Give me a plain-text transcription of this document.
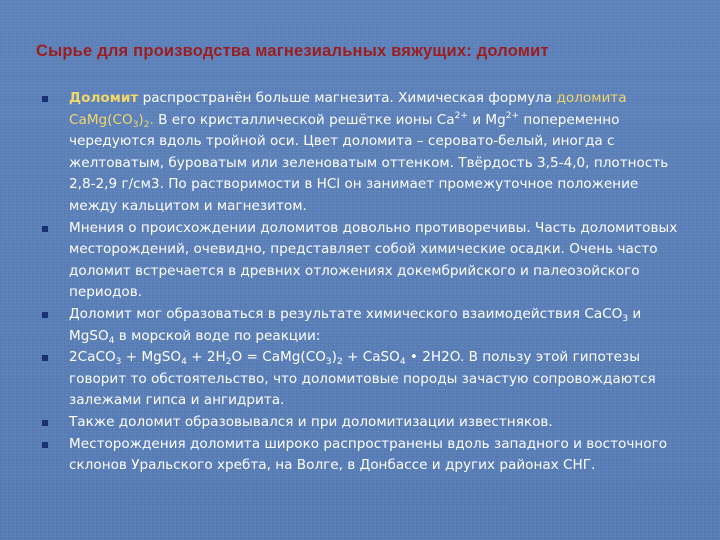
Сырье для производства магнезиальных вяжущих: доломит
Доломит распространён больше магнезита. Химическая формула доломита $CaMg(CO_3)_2$. В его кристаллической решётке ионы $Ca^{2+}$ и $Mg^{2+}$ попеременно чередуются вдоль тройной оси. Цвет доломита – серовато-белый, иногда с желтоватым, буроватым или зеленоватым оттенком. Твёрдость 3,5-4,0, плотность 2,8-2,9 г/см3. По растворимости в HCl он занимает промежуточное положение между кальцитом и магнезитом.
Мнения о происхождении доломитов довольно противоречивы. Часть доломитовых месторождений, очевидно, представляет собой химические осадки. Очень часто доломит встречается в древних отложениях докембрийского и палеозойского периодов.
Доломит мог образоваться в результате химического взаимодействия CaCO$_3$ и MgSO$_4$ в морской воде по реакции:
2CaCO$_3$ + MgSO$_4$ + $2H_2O$ = $CaMg(CO_3)_2$ + CaSO$_4$ • 2H2O. В пользу этой гипотезы говорит то обстоятельство, что доломитовые породы зачастую сопровождаются залежами гипса и ангидрита.
Также доломит образовывался и при доломитизации известняков.
Месторождения доломита широко распространены вдоль западного и восточного склонов Уральского хребта, на Волге, в Донбассе и других районах СНГ.
